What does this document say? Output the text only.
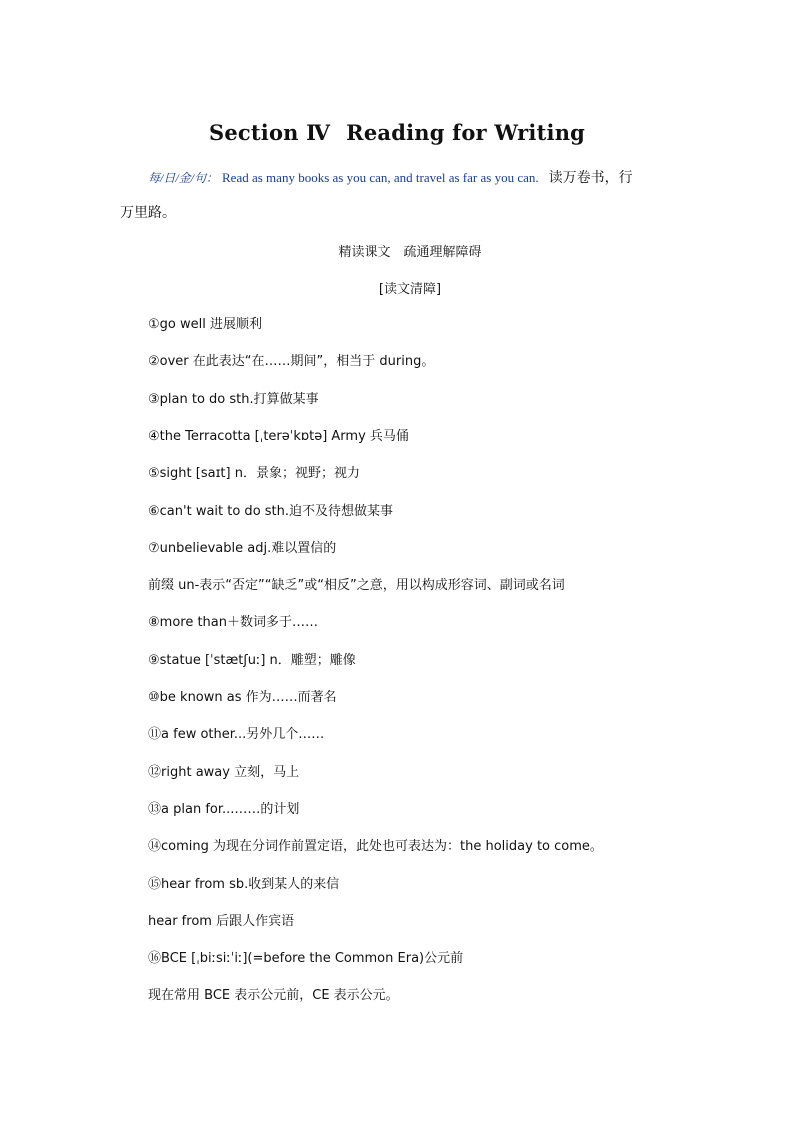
Section Ⅳ Reading for Writing
每/日/金/句： Read as many books as you can, and travel as far as you can. 读万卷书，行
万里路。
精读课文　疏通理解障碍
[读文清障]
①go well 进展顺利
②over 在此表达“在……期间”，相当于 during。
③plan to do sth.打算做某事
④the Terracotta [ˌterəˈkɒtə] Army 兵马俑
⑤sight [saɪt] n．景象；视野；视力
⑥can't wait to do sth.迫不及待想做某事
⑦unbelievable adj.难以置信的
前缀 un-表示“否定”“缺乏”或“相反”之意，用以构成形容词、副词或名词
⑧more than＋数词多于……
⑨statue [ˈstætʃuː] n．雕塑；雕像
⑩be known as 作为……而著名
⑪a few other...另外几个……
⑫right away 立刻，马上
⑬a plan for...……的计划
⑭coming 为现在分词作前置定语，此处也可表达为：the holiday to come。
⑮hear from sb.收到某人的来信
hear from 后跟人作宾语
⑯BCE [ˌbiːsiːˈiː](=before the Common Era)公元前
现在常用 BCE 表示公元前，CE 表示公元。
